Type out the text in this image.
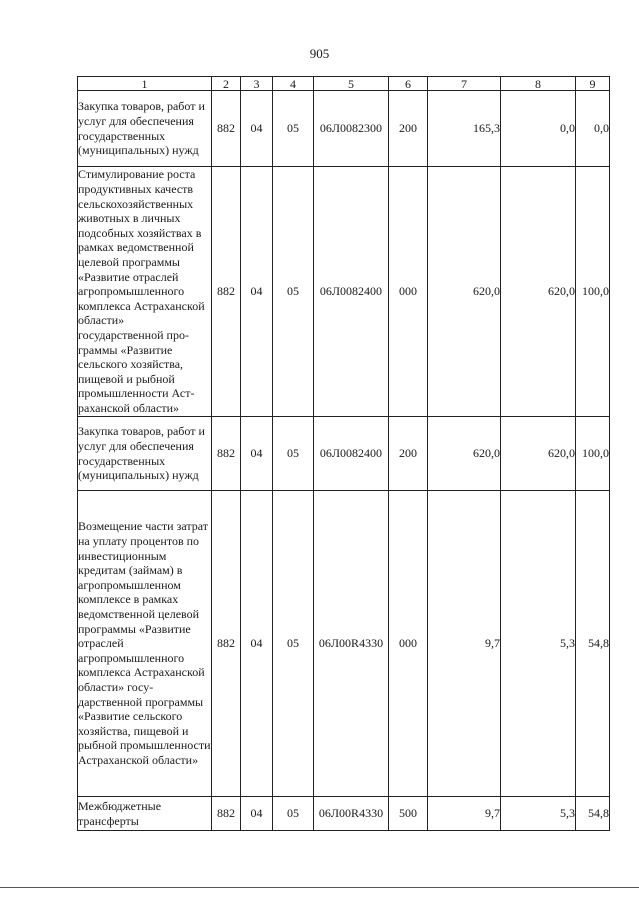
905
1	2	3	4	5	6	7	8	9
Закупка товаров, работ и услуг для обеспечения государственных (муниципальных) нужд	882	04	05	06Л0082300	200	165,3	0,0	0,0
Стимулирование роста продуктивных качеств сельскохозяйственных животных в личных подсобных хозяйствах в рамках ведомственной целевой программы «Развитие отраслей агропромышленного комплекса Астраханской области» государственной программы «Развитие сельского хозяйства, пищевой и рыбной промышленности Астраханской области»	882	04	05	06Л0082400	000	620,0	620,0	100,0
Закупка товаров, работ и услуг для обеспечения государственных (муниципальных) нужд	882	04	05	06Л0082400	200	620,0	620,0	100,0
Возмещение части затрат на уплату процентов по инвестиционным кредитам (займам) в агропромышленном комплексе в рамках ведомственной целевой программы «Развитие отраслей агропромышленного комплекса Астраханской области» государственной программы «Развитие сельского хозяйства, пищевой и рыбной промышленности Астраханской области»	882	04	05	06Л00R4330	000	9,7	5,3	54,8
Межбюджетные трансферты	882	04	05	06Л00R4330	500	9,7	5,3	54,8
